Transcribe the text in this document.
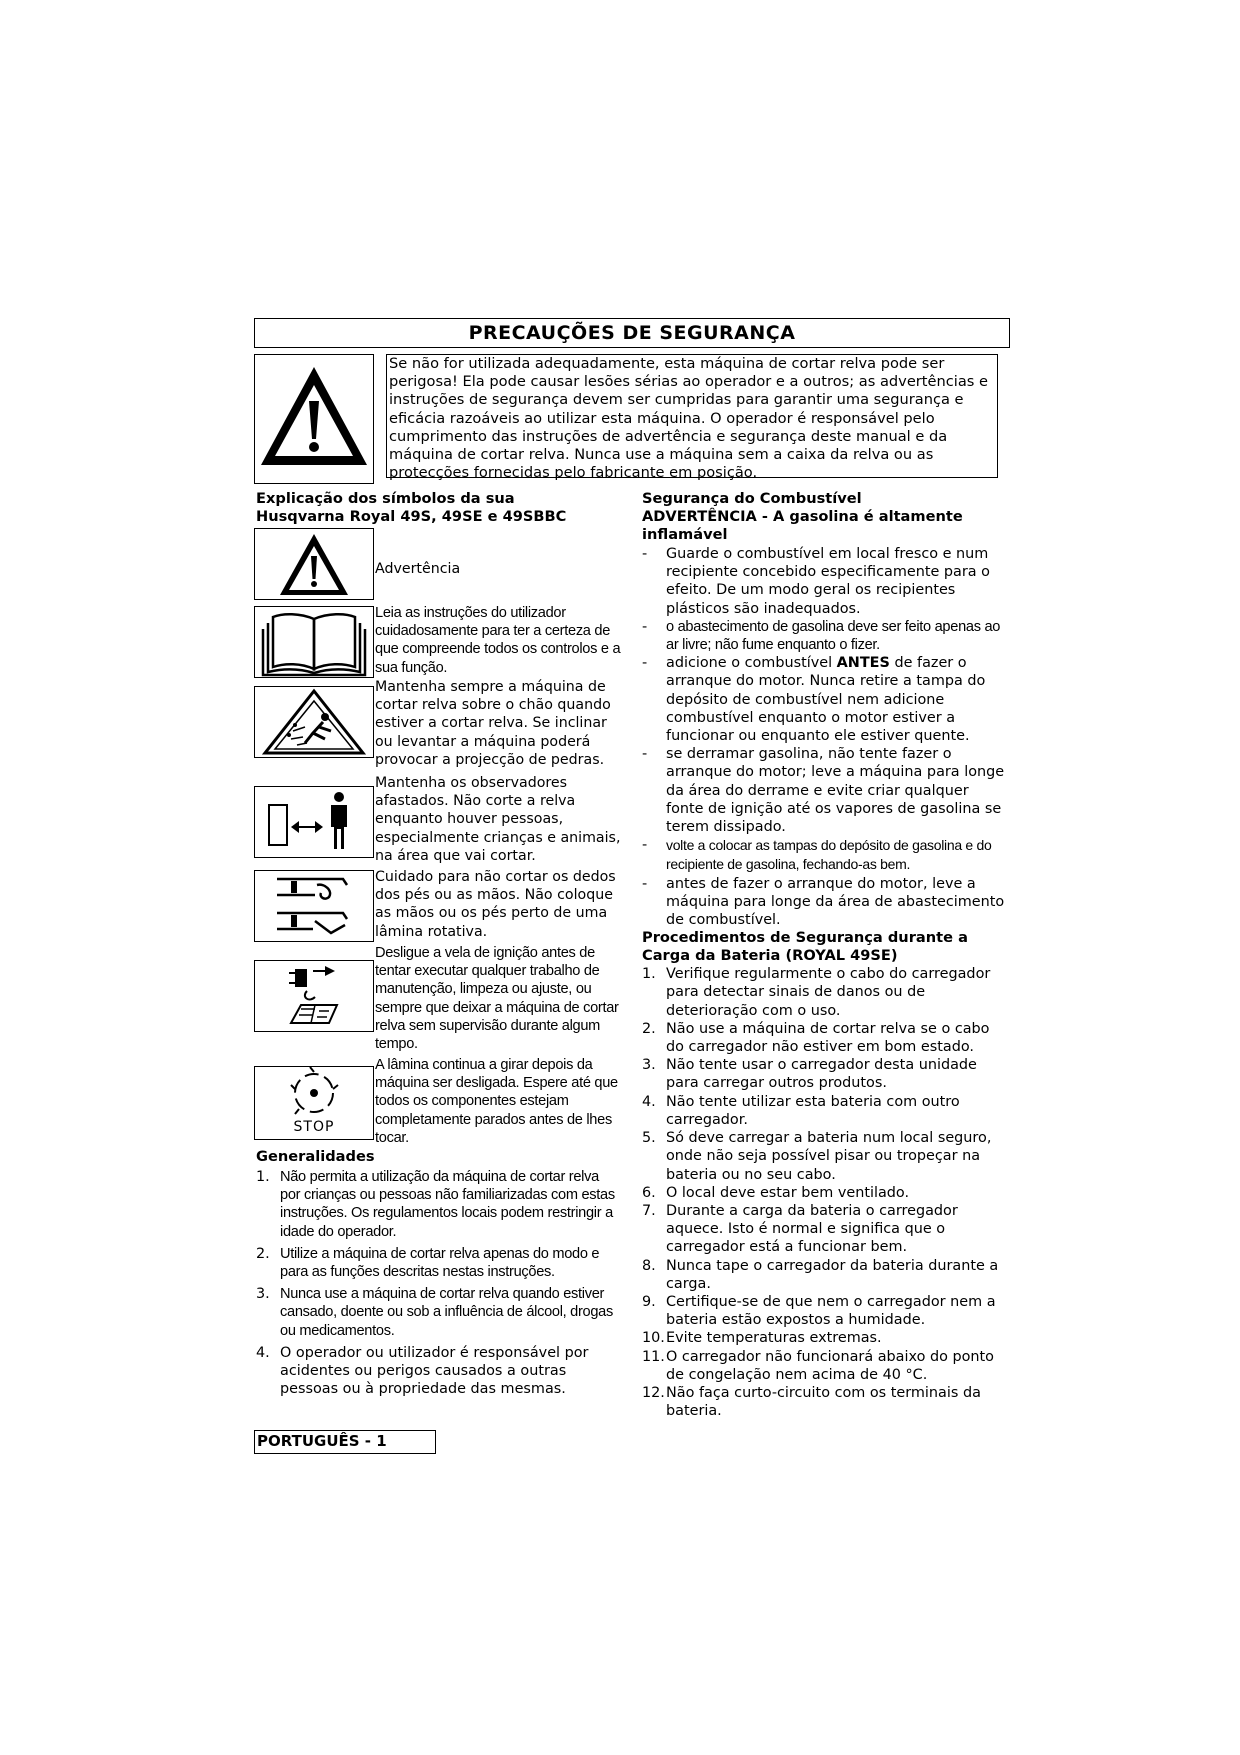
PRECAUÇÕES DE SEGURANÇA
Se não for utilizada adequadamente, esta máquina de cortar relva pode ser perigosa! Ela pode causar lesões sérias ao operador e a outros; as advertências e instruções de segurança devem ser cumpridas para garantir uma segurança e eficácia razoáveis ao utilizar esta máquina. O operador é responsável pelo cumprimento das instruções de advertência e segurança deste manual e da máquina de cortar relva. Nunca use a máquina sem a caixa da relva ou as protecções fornecidas pelo fabricante em posição.
Explicação dos símbolos da sua
Husqvarna Royal 49S, 49SE e 49SBBC
Advertência
Leia as instruções do utilizador cuidadosamente para ter a certeza de que compreende todos os controlos e a sua função.
Mantenha sempre a máquina de cortar relva sobre o chão quando estiver a cortar relva. Se inclinar ou levantar a máquina poderá provocar a projecção de pedras.
Mantenha os observadores afastados. Não corte a relva enquanto houver pessoas, especialmente crianças e animais, na área que vai cortar.
Cuidado para não cortar os dedos dos pés ou as mãos. Não coloque as mãos ou os pés perto de uma lâmina rotativa.
Desligue a vela de ignição antes de tentar executar qualquer trabalho de manutenção, limpeza ou ajuste, ou sempre que deixar a máquina de cortar relva sem supervisão durante algum tempo.
STOP
A lâmina continua a girar depois da máquina ser desligada. Espere até que todos os componentes estejam completamente parados antes de lhes tocar.
Generalidades
1. Não permita a utilização da máquina de cortar relva por crianças ou pessoas não familiarizadas com estas instruções. Os regulamentos locais podem restringir a idade do operador.
2. Utilize a máquina de cortar relva apenas do modo e para as funções descritas nestas instruções.
3. Nunca use a máquina de cortar relva quando estiver cansado, doente ou sob a influência de álcool, drogas ou medicamentos.
4. O operador ou utilizador é responsável por acidentes ou perigos causados a outras pessoas ou à propriedade das mesmas.
Segurança do Combustível
ADVERTÊNCIA - A gasolina é altamente inflamável
- Guarde o combustível em local fresco e num recipiente concebido especificamente para o efeito. De um modo geral os recipientes plásticos são inadequados.
- o abastecimento de gasolina deve ser feito apenas ao ar livre; não fume enquanto o fizer.
- adicione o combustível ANTES de fazer o arranque do motor. Nunca retire a tampa do depósito de combustível nem adicione combustível enquanto o motor estiver a funcionar ou enquanto ele estiver quente.
- se derramar gasolina, não tente fazer o arranque do motor; leve a máquina para longe da área do derrame e evite criar qualquer fonte de ignição até os vapores de gasolina se terem dissipado.
- volte a colocar as tampas do depósito de gasolina e do recipiente de gasolina, fechando-as bem.
- antes de fazer o arranque do motor, leve a máquina para longe da área de abastecimento de combustível.
Procedimentos de Segurança durante a Carga da Bateria (ROYAL 49SE)
1. Verifique regularmente o cabo do carregador para detectar sinais de danos ou de deterioração com o uso.
2. Não use a máquina de cortar relva se o cabo do carregador não estiver em bom estado.
3. Não tente usar o carregador desta unidade para carregar outros produtos.
4. Não tente utilizar esta bateria com outro carregador.
5. Só deve carregar a bateria num local seguro, onde não seja possível pisar ou tropeçar na bateria ou no seu cabo.
6. O local deve estar bem ventilado.
7. Durante a carga da bateria o carregador aquece. Isto é normal e significa que o carregador está a funcionar bem.
8. Nunca tape o carregador da bateria durante a carga.
9. Certifique-se de que nem o carregador nem a bateria estão expostos a humidade.
10. Evite temperaturas extremas.
11. O carregador não funcionará abaixo do ponto de congelação nem acima de 40 °C.
12. Não faça curto-circuito com os terminais da bateria.
PORTUGUÊS - 1
